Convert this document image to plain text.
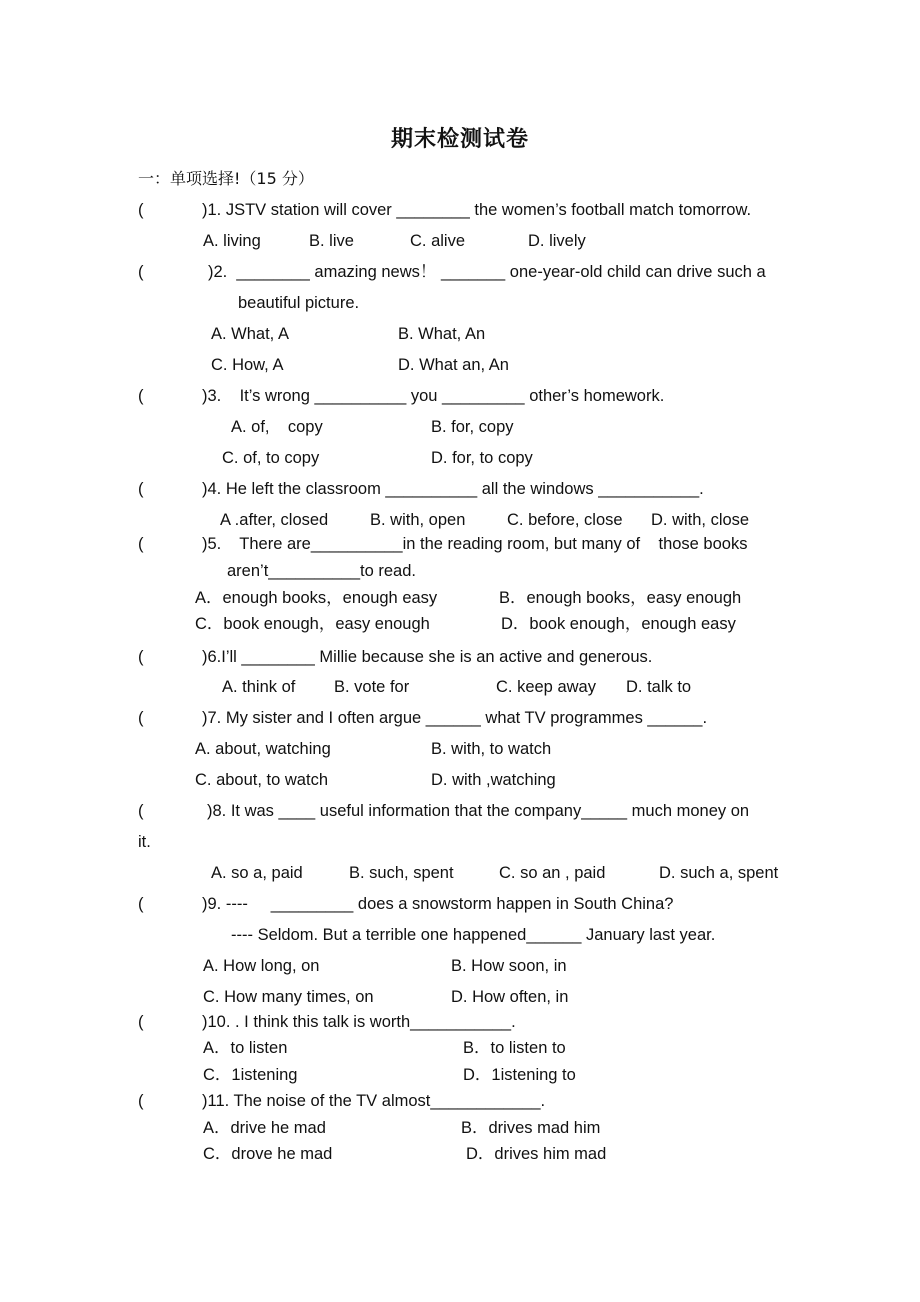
期末检测试卷
一：单项选择!（15 分）
(	)1. JSTV station will cover ________ the women’s football match tomorrow.
A. living	B. live	C. alive	D. lively
(	)2.  ________ amazing news！ _______ one-year-old child can drive such a
beautiful picture.
A. What, A	B. What, An
C. How, A	D. What an, An
(	)3.    It’s wrong __________ you _________ other’s homework.
A. of,    copy	B. for, copy
C. of, to copy	D. for, to copy
(	)4. He left the classroom __________ all the windows ___________.
A .after, closed	B. with, open	C. before, close D. with, close
(	)5.    There are__________in the reading room, but many of    those books
aren’t__________to read.
A．enough books，enough easy	B．enough books，easy enough
C．book enough，easy enough	D．book enough，enough easy
(	)6.I’ll ________ Millie because she is an active and generous.
A. think of B. vote for	C. keep away D. talk to
(	)7. My sister and I often argue ______ what TV programmes ______.
A. about, watching	B. with, to watch
C. about, to watch	D. with ,watching
(	)8. It was ____ useful information that the company_____ much money on
it.
A. so a, paid	B. such, spent	C. so an , paid	D. such a, spent
(	)9. ----     _________ does a snowstorm happen in South China?
---- Seldom. But a terrible one happened______ January last year.
A. How long, on	B. How soon, in
C. How many times, on	D. How often, in
(	)10. . I think this talk is worth___________.
A．to listen	B．to listen to
C．1istening	D．1istening to
(	)11. The noise of the TV almost____________.
A．drive he mad	B．drives mad him
C．drove he mad	D．drives him mad
